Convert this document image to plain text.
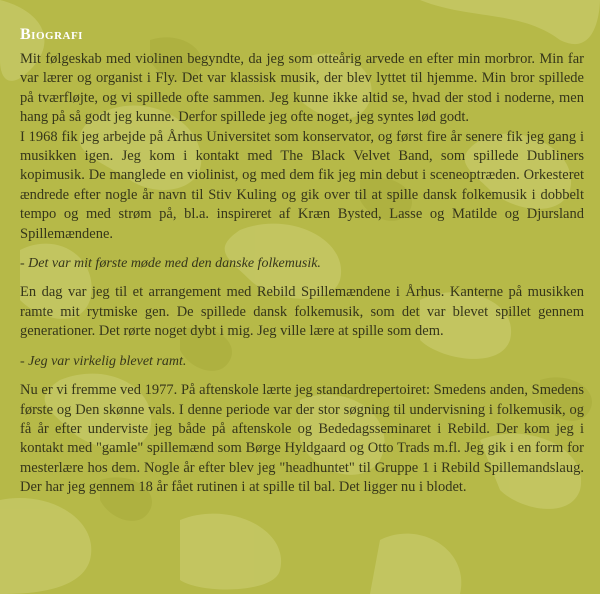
Biografi

Mit følgeskab med violinen begyndte, da jeg som otteårig arvede en efter min morbror. Min far var lærer og organist i Fly. Det var klassisk musik, der blev lyttet til hjemme. Min bror spillede på tværfløjte, og vi spillede ofte sammen. Jeg kunne ikke altid se, hvad der stod i noderne, men hang på så godt jeg kunne. Derfor spillede jeg ofte noget, jeg syntes lød godt.

I 1968 fik jeg arbejde på Århus Universitet som konservator, og først fire år senere fik jeg gang i musikken igen. Jeg kom i kontakt med The Black Velvet Band, som spillede Dubliners kopimusik. De manglede en violinist, og med dem fik jeg min debut i sceneoptræden. Orkesteret ændrede efter nogle år navn til Stiv Kuling og gik over til at spille dansk folkemusik i dobbelt tempo og med strøm på, bl.a. inspireret af Kræn Bysted, Lasse og Matilde og Djursland Spillemændene.

- Det var mit første møde med den danske folkemusik.

En dag var jeg til et arrangement med Rebild Spillemændene i Århus. Kanterne på musikken ramte mit rytmiske gen. De spillede dansk folkemusik, som det var blevet spillet gennem generationer. Det rørte noget dybt i mig. Jeg ville lære at spille som dem.

- Jeg var virkelig blevet ramt.

Nu er vi fremme ved 1977. På aftenskole lærte jeg standardrepertoiret: Smedens anden, Smedens første og Den skønne vals. I denne periode var der stor søgning til undervisning i folkemusik, og få år efter underviste jeg både på aftenskole og Bededagsseminaret i Rebild. Der kom jeg i kontakt med "gamle" spillemænd som Børge Hyldgaard og Otto Trads m.fl. Jeg gik i en form for mesterlære hos dem. Nogle år efter blev jeg "headhuntet" til Gruppe 1 i Rebild Spillemandslaug. Der har jeg gennem 18 år fået rutinen i at spille til bal. Det ligger nu i blodet.
